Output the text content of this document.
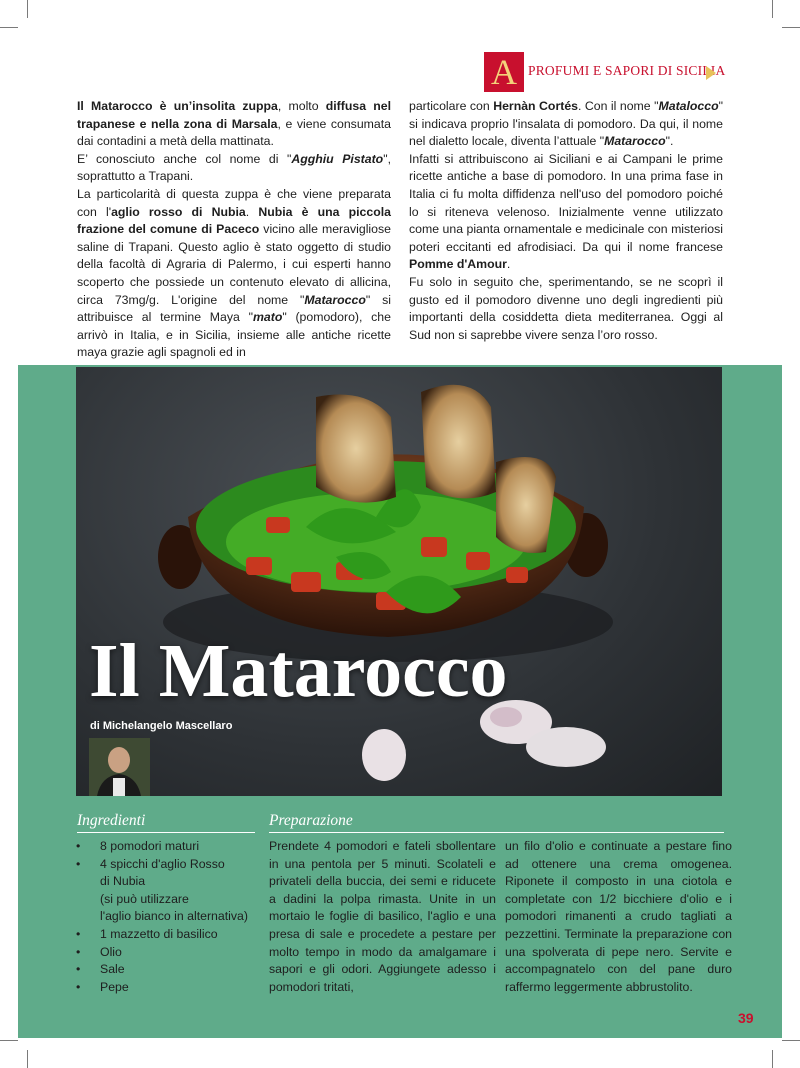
A PROFUMI E SAPORI DI SICILIA

Il Matarocco è un’insolita zuppa, molto diffusa nel trapanese e nella zona di Marsala, e viene consumata dai contadini a metà della mattinata.

E’ conosciuto anche col nome di "Agghiu Pistato", soprattutto a Trapani.

La particolarità di questa zuppa è che viene preparata con l'aglio rosso di Nubia. Nubia è una piccola frazione del comune di Paceco vicino alle meravigliose saline di Trapani. Questo aglio è stato oggetto di studio della facoltà di Agraria di Palermo, i cui esperti hanno scoperto che possiede un contenuto elevato di allicina, circa 73mg/g. L'origine del nome "Matarocco" si attribuisce al termine Maya "mato" (pomodoro), che arrivò in Italia, e in Sicilia, insieme alle antiche ricette maya grazie agli spagnoli ed in

particolare con Hernàn Cortés. Con il nome "Matalocco" si indicava proprio l'insalata di pomodoro. Da qui, il nome nel dialetto locale, diventa l’attuale "Matarocco".

Infatti si attribuiscono ai Siciliani e ai Campani le prime ricette antiche a base di pomodoro. In una prima fase in Italia ci fu molta diffidenza nell'uso del pomodoro poiché lo si riteneva velenoso. Inizialmente venne utilizzato come una pianta ornamentale e medicinale con misteriosi poteri eccitanti ed afrodisiaci. Da qui il nome francese Pomme d'Amour.

Fu solo in seguito che, sperimentando, se ne scoprì il gusto ed il pomodoro divenne uno degli ingredienti più importanti della cosiddetta dieta mediterranea. Oggi al Sud non si saprebbe vivere senza l’oro rosso.

Il Matarocco
di Michelangelo Mascellaro
Ingredienti
• 8 pomodori maturi
• 4 spicchi d'aglio Rosso
di Nubia
(si può utilizzare
l'aglio bianco in alternativa)
• 1 mazzetto di basilico
• Olio
• Sale
• Pepe
Preparazione
Prendete 4 pomodori e fateli sbollentare in una pentola per 5 minuti. Scolateli e privateli della buccia, dei semi e riducete a dadini la polpa rimasta. Unite in un mortaio le foglie di basilico, l'aglio e una presa di sale e procedete a pestare per molto tempo in modo da amalgamare i sapori e gli odori. Aggiungete adesso i pomodori tritati,
un filo d'olio e continuate a pestare fino ad ottenere una crema omogenea. Riponete il composto in una ciotola e completate con 1/2 bicchiere d'olio e i pomodori rimanenti a crudo tagliati a pezzettini. Terminate la preparazione con una spolverata di pepe nero. Servite e accompagnatelo con del pane duro raffermo leggermente abbrustolito.
39
